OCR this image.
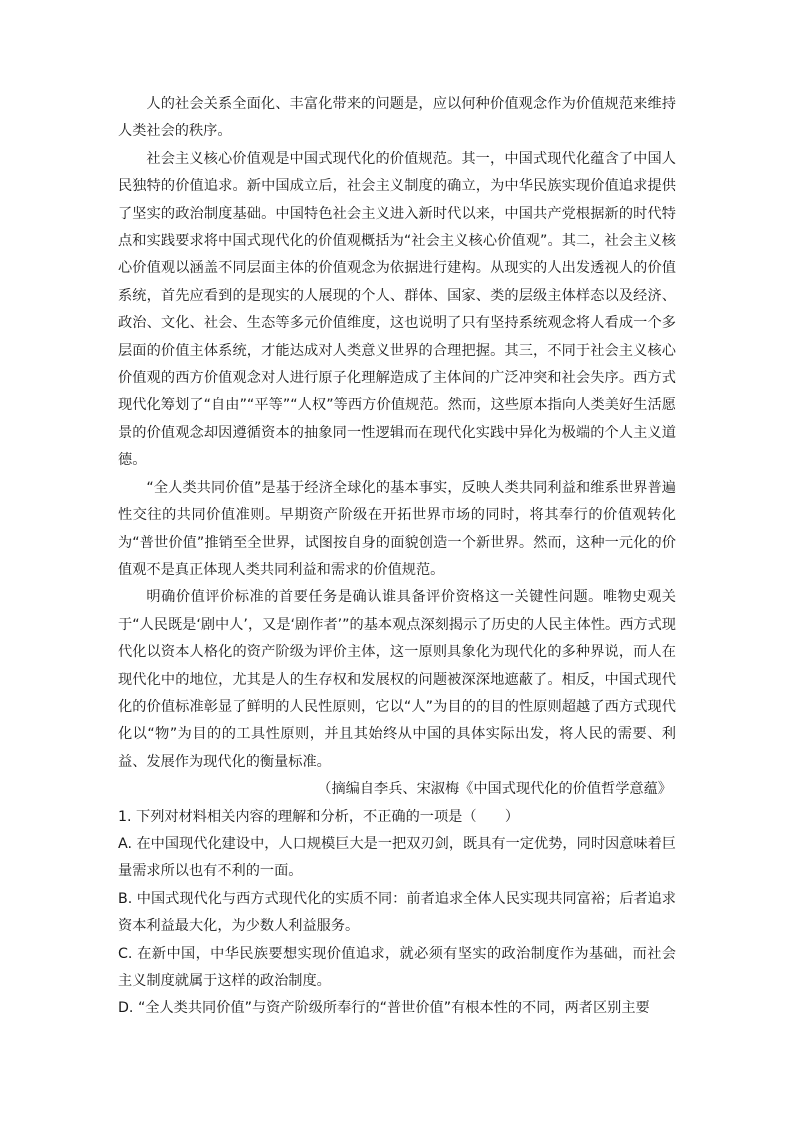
人的社会关系全面化、丰富化带来的问题是，应以何种价值观念作为价值规范来维持人类社会的秩序。

社会主义核心价值观是中国式现代化的价值规范。其一，中国式现代化蕴含了中国人民独特的价值追求。新中国成立后，社会主义制度的确立，为中华民族实现价值追求提供了坚实的政治制度基础。中国特色社会主义进入新时代以来，中国共产党根据新的时代特点和实践要求将中国式现代化的价值观概括为“社会主义核心价值观”。其二，社会主义核心价值观以涵盖不同层面主体的价值观念为依据进行建构。从现实的人出发透视人的价值系统，首先应看到的是现实的人展现的个人、群体、国家、类的层级主体样态以及经济、政治、文化、社会、生态等多元价值维度，这也说明了只有坚持系统观念将人看成一个多层面的价值主体系统，才能达成对人类意义世界的合理把握。其三，不同于社会主义核心价值观的西方价值观念对人进行原子化理解造成了主体间的广泛冲突和社会失序。西方式现代化筹划了“自由”“平等”“人权”等西方价值规范。然而，这些原本指向人类美好生活愿景的价值观念却因遵循资本的抽象同一性逻辑而在现代化实践中异化为极端的个人主义道德。

“全人类共同价值”是基于经济全球化的基本事实，反映人类共同利益和维系世界普遍性交往的共同价值准则。早期资产阶级在开拓世界市场的同时，将其奉行的价值观转化为“普世价值”推销至全世界，试图按自身的面貌创造一个新世界。然而，这种一元化的价值观不是真正体现人类共同利益和需求的价值规范。

明确价值评价标准的首要任务是确认谁具备评价资格这一关键性问题。唯物史观关于“人民既是‘剧中人’，又是‘剧作者’”的基本观点深刻揭示了历史的人民主体性。西方式现代化以资本人格化的资产阶级为评价主体，这一原则具象化为现代化的多种界说，而人在现代化中的地位，尤其是人的生存权和发展权的问题被深深地遮蔽了。相反，中国式现代化的价值标准彰显了鲜明的人民性原则，它以“人”为目的的目的性原则超越了西方式现代化以“物”为目的的工具性原则，并且其始终从中国的具体实际出发，将人民的需要、利益、发展作为现代化的衡量标准。

（摘编自李兵、宋淑梅《中国式现代化的价值哲学意蕴》

1. 下列对材料相关内容的理解和分析，不正确的一项是（　　）

A. 在中国现代化建设中，人口规模巨大是一把双刃剑，既具有一定优势，同时因意味着巨量需求所以也有不利的一面。

B. 中国式现代化与西方式现代化的实质不同：前者追求全体人民实现共同富裕；后者追求资本利益最大化，为少数人利益服务。

C. 在新中国，中华民族要想实现价值追求，就必须有坚实的政治制度作为基础，而社会主义制度就属于这样的政治制度。

D. “全人类共同价值”与资产阶级所奉行的“普世价值”有根本性的不同，两者区别主要
